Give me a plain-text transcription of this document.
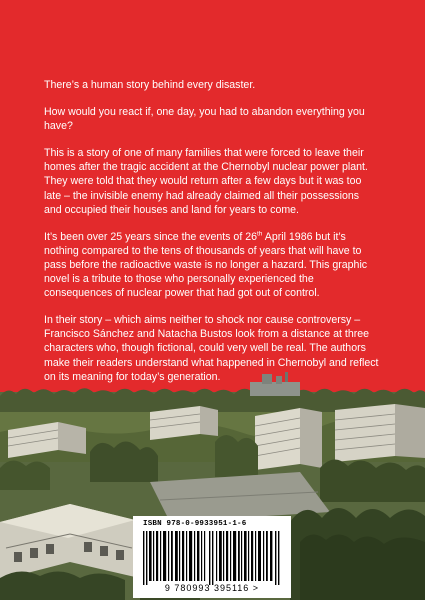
There’s a human story behind every disaster.

How would you react if, one day, you had to abandon everything you have?

This is a story of one of many families that were forced to leave their homes after the tragic accident at the Chernobyl nuclear power plant. They were told that they would return after a few days but it was too late – the invisible enemy had already claimed all their possessions and occupied their houses and land for years to come.

It’s been over 25 years since the events of 26th April 1986 but it’s nothing compared to the tens of thousands of years that will have to pass before the radioactive waste is no longer a hazard. This graphic novel is a tribute to those who personally experienced the consequences of nuclear power that had got out of control.

In their story – which aims neither to shock nor cause controversy – Francisco Sánchez and Natacha Bustos look from a distance at three characters who, though fictional, could very well be real. The authors make their readers understand what happened in Chernobyl and reflect on its meaning for today’s generation.

ISBN 978-0-9933951-1-6
9 780993 395116 >
